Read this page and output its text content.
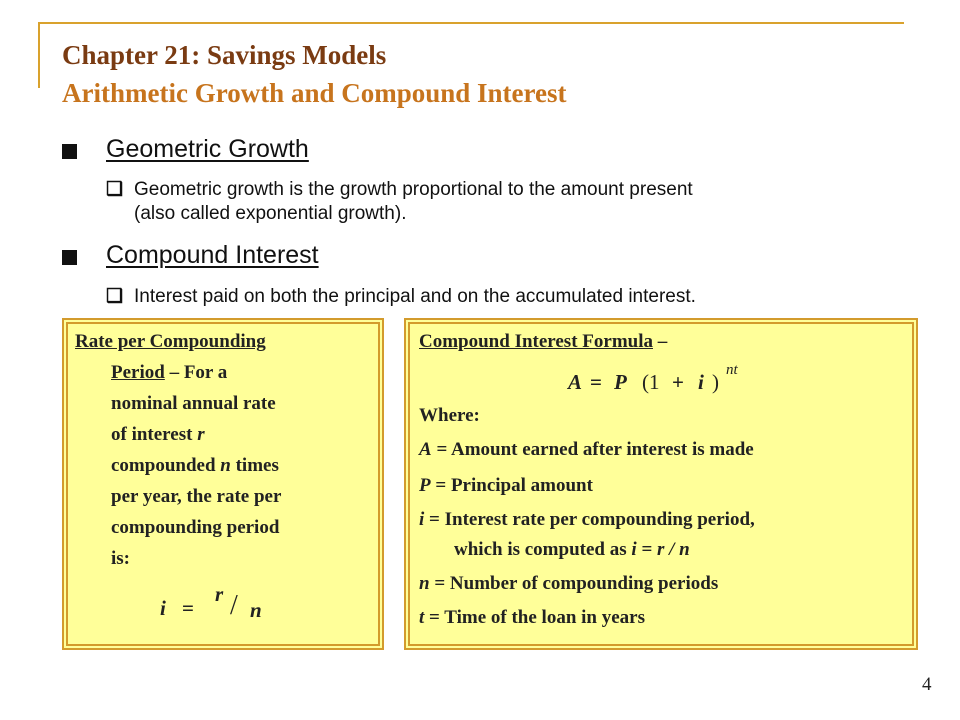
Chapter 21: Savings Models
Arithmetic Growth and Compound Interest
Geometric Growth
❑ Geometric growth is the growth proportional to the amount present
(also called exponential growth).
Compound Interest
❑ Interest paid on both the principal and on the accumulated interest.
Rate per Compounding
Period – For a
nominal annual rate
of interest r
compounded n times
per year, the rate per
compounding period
is:
i =
r / n
Compound Interest Formula –
A = P (1 + i ) nt
Where:
A = Amount earned after interest is made
P = Principal amount
i = Interest rate per compounding period,
which is computed as i = r / n
n = Number of compounding periods
t = Time of the loan in years
4
